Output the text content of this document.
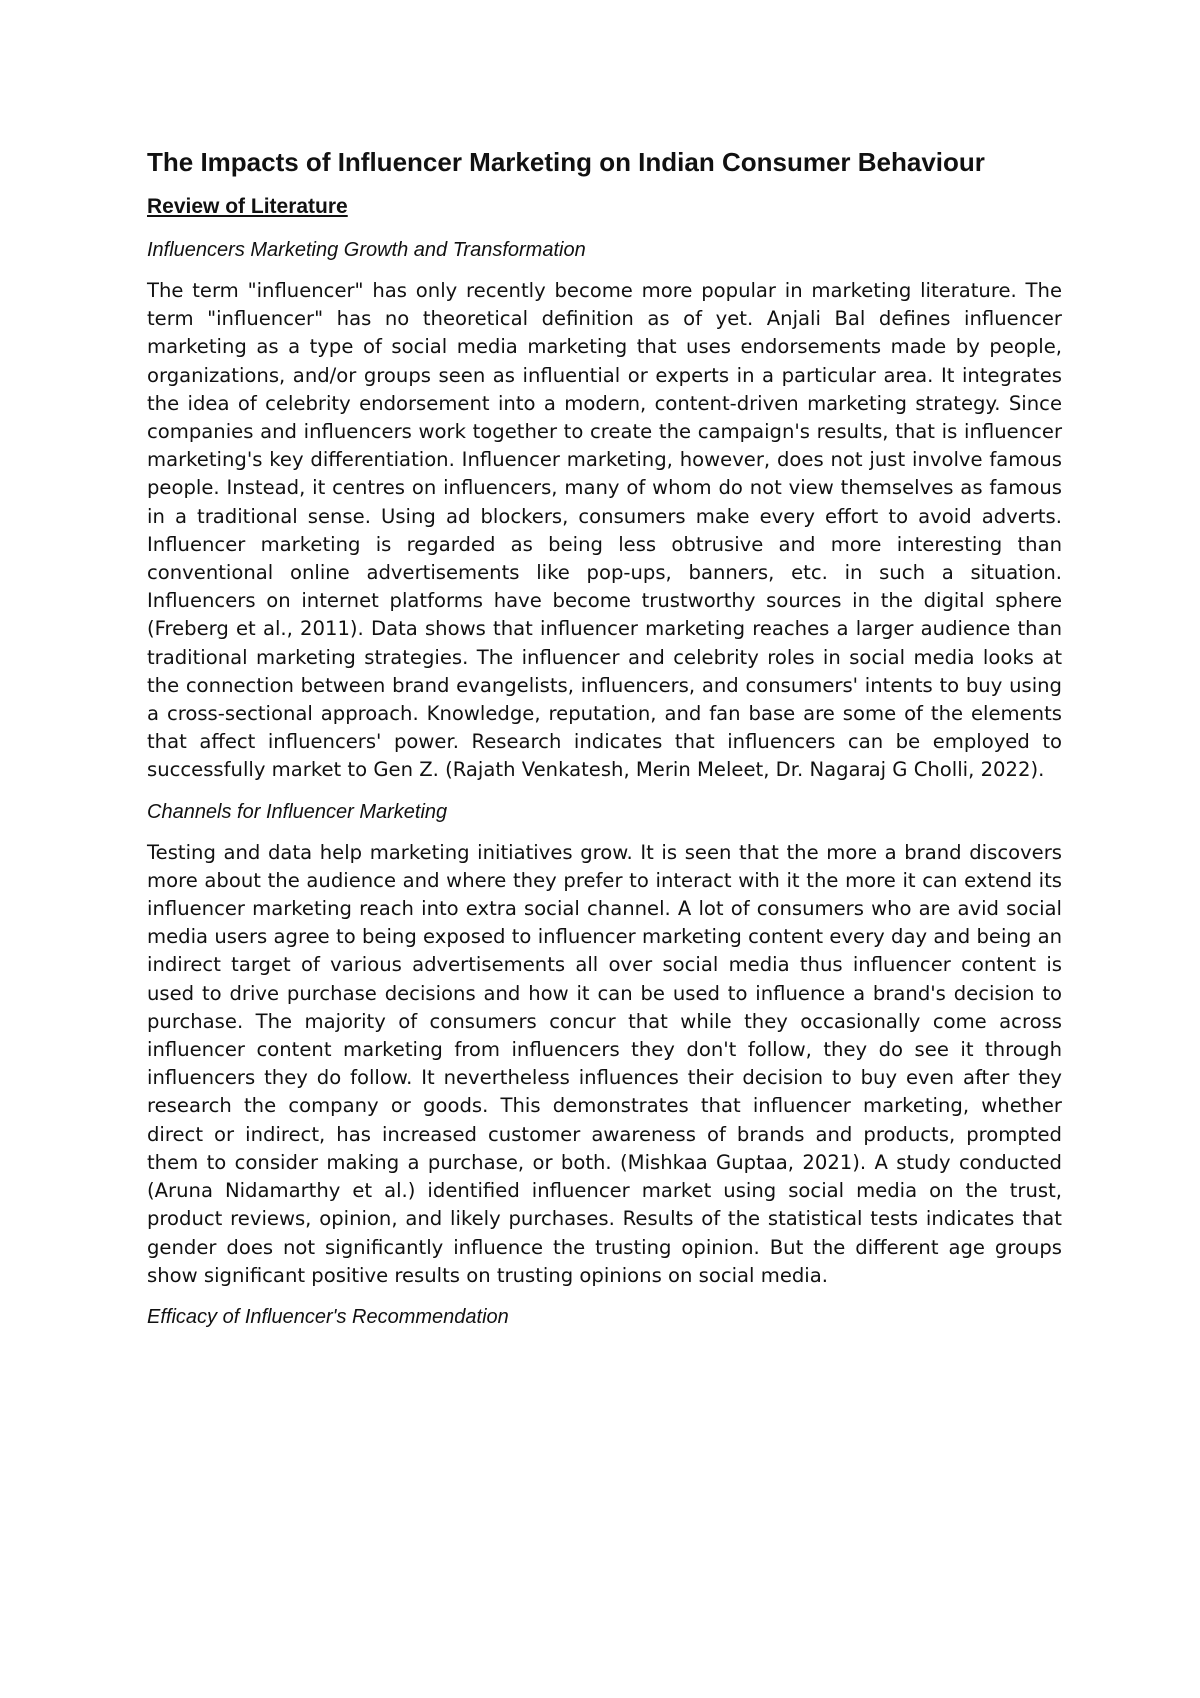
The Impacts of Influencer Marketing on Indian Consumer Behaviour
Review of Literature
Influencers Marketing Growth and Transformation
The term "influencer" has only recently become more popular in marketing literature. The term "influencer" has no theoretical definition as of yet. Anjali Bal defines influencer marketing as a type of social media marketing that uses endorsements made by people, organizations, and/or groups seen as influential or experts in a particular area. It integrates the idea of celebrity endorsement into a modern, content-driven marketing strategy. Since companies and influencers work together to create the campaign's results, that is influencer marketing's key differentiation. Influencer marketing, however, does not just involve famous people. Instead, it centres on influencers, many of whom do not view themselves as famous in a traditional sense. Using ad blockers, consumers make every effort to avoid adverts. Influencer marketing is regarded as being less obtrusive and more interesting than conventional online advertisements like pop-ups, banners, etc. in such a situation. Influencers on internet platforms have become trustworthy sources in the digital sphere (Freberg et al., 2011). Data shows that influencer marketing reaches a larger audience than traditional marketing strategies. The influencer and celebrity roles in social media looks at the connection between brand evangelists, influencers, and consumers' intents to buy using a cross-sectional approach. Knowledge, reputation, and fan base are some of the elements that affect influencers' power. Research indicates that influencers can be employed to successfully market to Gen Z. (Rajath Venkatesh, Merin Meleet, Dr. Nagaraj G Cholli, 2022).
Channels for Influencer Marketing
Testing and data help marketing initiatives grow. It is seen that the more a brand discovers more about the audience and where they prefer to interact with it the more it can extend its influencer marketing reach into extra social channel. A lot of consumers who are avid social media users agree to being exposed to influencer marketing content every day and being an indirect target of various advertisements all over social media thus influencer content is used to drive purchase decisions and how it can be used to influence a brand's decision to purchase. The majority of consumers concur that while they occasionally come across influencer content marketing from influencers they don't follow, they do see it through influencers they do follow. It nevertheless influences their decision to buy even after they research the company or goods. This demonstrates that influencer marketing, whether direct or indirect, has increased customer awareness of brands and products, prompted them to consider making a purchase, or both. (Mishkaa Guptaa, 2021). A study conducted (Aruna Nidamarthy et al.) identified influencer market using social media on the trust, product reviews, opinion, and likely purchases. Results of the statistical tests indicates that gender does not significantly influence the trusting opinion. But the different age groups show significant positive results on trusting opinions on social media.
Efficacy of Influencer's Recommendation
